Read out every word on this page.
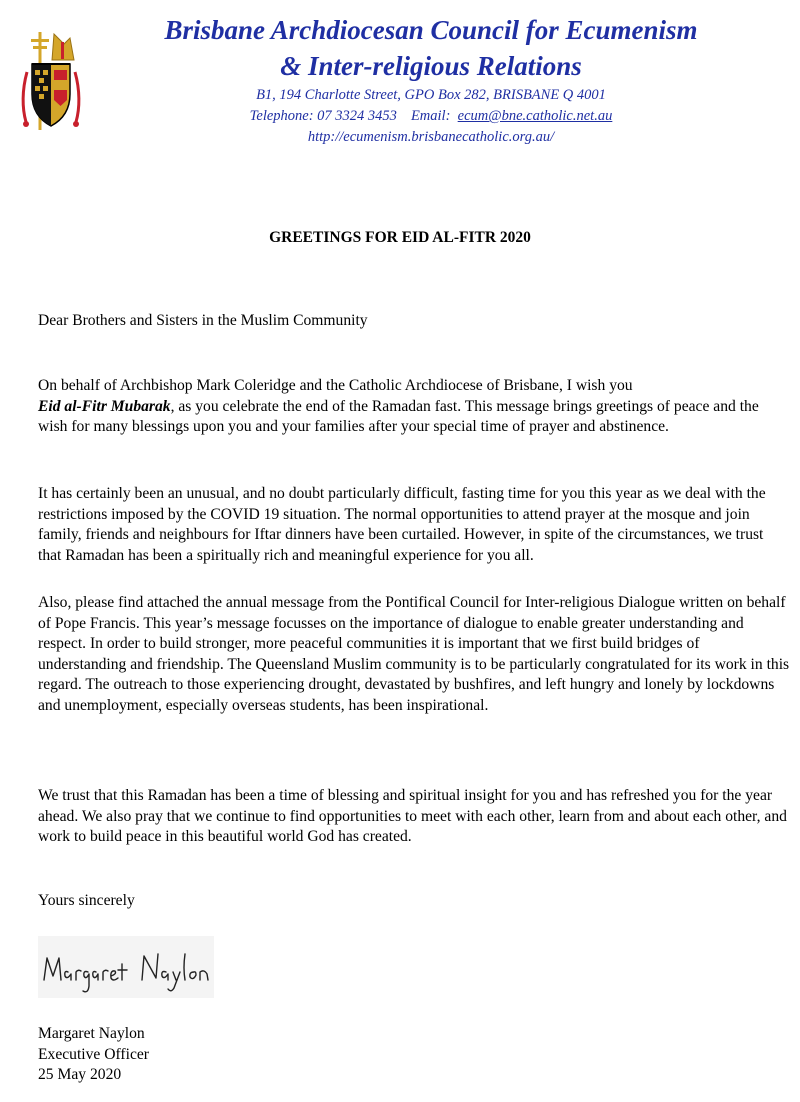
Brisbane Archdiocesan Council for Ecumenism
& Inter-religious Relations

B1, 194 Charlotte Street, GPO Box 282, BRISBANE Q 4001

Telephone: 07 3324 3453 Email: ecum@bne.catholic.net.au

http://ecumenism.brisbanecatholic.org.au/

GREETINGS FOR EID AL-FITR 2020

Dear Brothers and Sisters in the Muslim Community

On behalf of Archbishop Mark Coleridge and the Catholic Archdiocese of Brisbane, I wish you
Eid al-Fitr Mubarak, as you celebrate the end of the Ramadan fast. This message brings greetings of peace and the wish for many blessings upon you and your families after your special time of prayer and abstinence.

It has certainly been an unusual, and no doubt particularly difficult, fasting time for you this year as we deal with the restrictions imposed by the COVID 19 situation. The normal opportunities to attend prayer at the mosque and join family, friends and neighbours for Iftar dinners have been curtailed. However, in spite of the circumstances, we trust that Ramadan has been a spiritually rich and meaningful experience for you all.

Also, please find attached the annual message from the Pontifical Council for Inter-religious Dialogue written on behalf of Pope Francis. This year’s message focusses on the importance of dialogue to enable greater understanding and respect. In order to build stronger, more peaceful communities it is important that we first build bridges of understanding and friendship. The Queensland Muslim community is to be particularly congratulated for its work in this regard. The outreach to those experiencing drought, devastated by bushfires, and left hungry and lonely by lockdowns and unemployment, especially overseas students, has been inspirational.

We trust that this Ramadan has been a time of blessing and spiritual insight for you and has refreshed you for the year ahead. We also pray that we continue to find opportunities to meet with each other, learn from and about each other, and work to build peace in this beautiful world God has created.

Yours sincerely

Margaret Naylon
Executive Officer
25 May 2020
